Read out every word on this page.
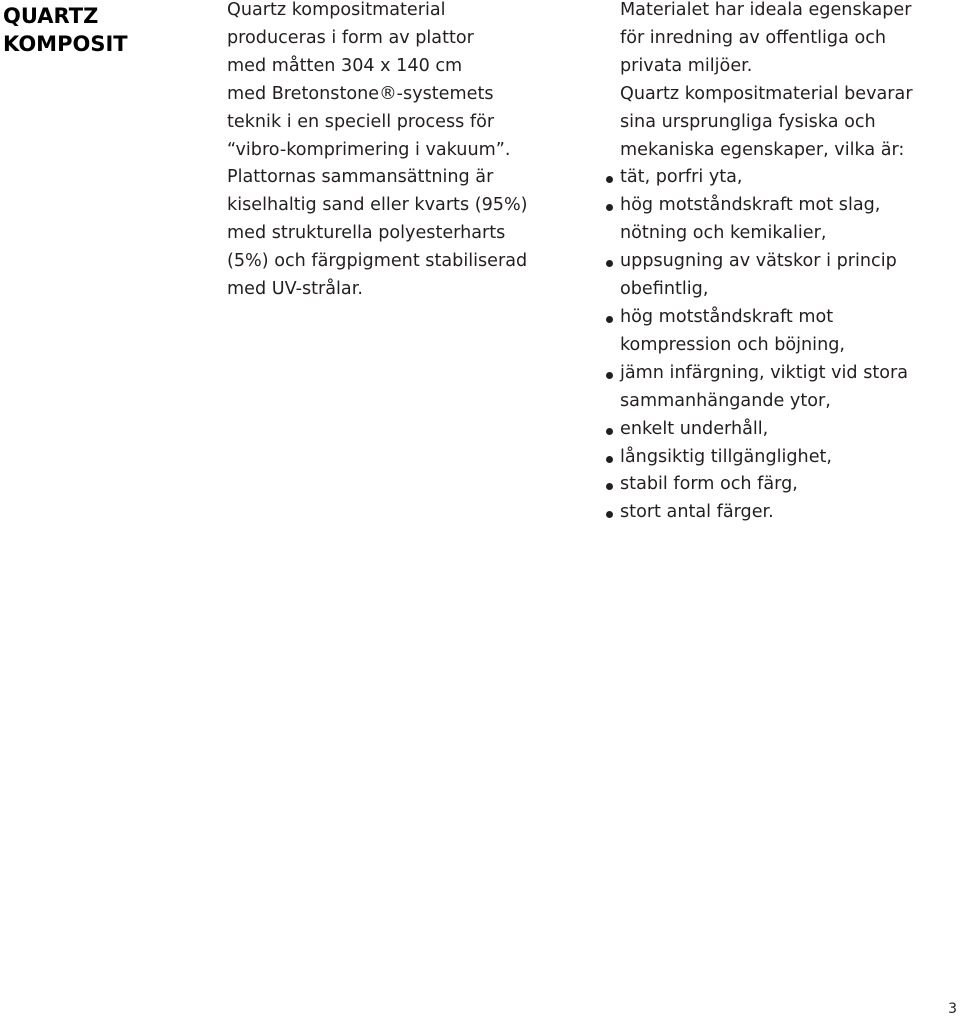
QUARTZ
KOMPOSIT
Quartz kompositmaterial
produceras i form av plattor
med måtten 304 x 140 cm
med Bretonstone®-systemets
teknik i en speciell process för
“vibro-komprimering i vakuum”.
Plattornas sammansättning är
kiselhaltig sand eller kvarts (95%)
med strukturella polyesterharts
(5%) och färgpigment stabiliserad
med UV-strålar.
Materialet har ideala egenskaper
för inredning av offentliga och
privata miljöer.
Quartz kompositmaterial bevarar
sina ursprungliga fysiska och
mekaniska egenskaper, vilka är:
tät, porfri yta,
hög motståndskraft mot slag,
nötning och kemikalier,
uppsugning av vätskor i princip
obefintlig,
hög motståndskraft mot
kompression och böjning,
jämn infärgning, viktigt vid stora
sammanhängande ytor,
enkelt underhåll,
långsiktig tillgänglighet,
stabil form och färg,
stort antal färger.
3
